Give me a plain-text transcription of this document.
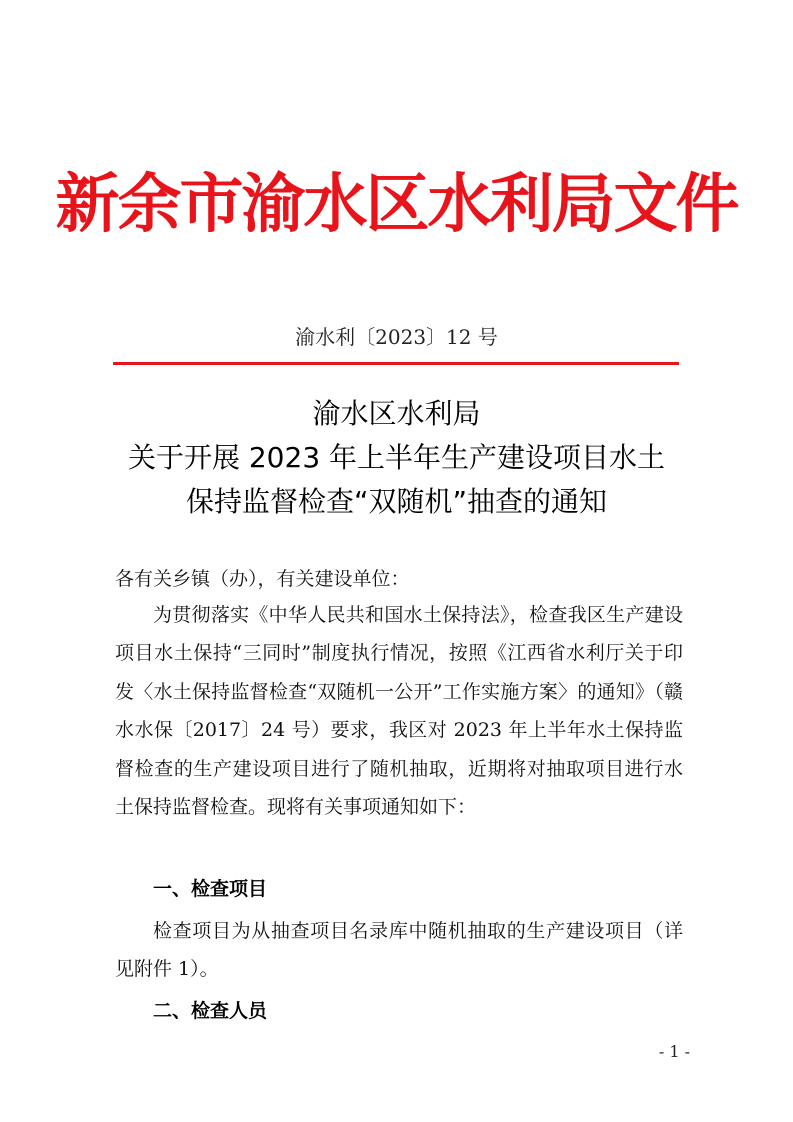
新余市渝水区水利局文件
渝水利〔2023〕12 号
渝水区水利局
关于开展 2023 年上半年生产建设项目水土
保持监督检查“双随机”抽查的通知
各有关乡镇（办），有关建设单位：
为贯彻落实《中华人民共和国水土保持法》，检查我区生产建设项目水土保持“三同时”制度执行情况，按照《江西省水利厅关于印发〈水土保持监督检查“双随机一公开”工作实施方案〉的通知》（赣水水保〔2017〕24 号）要求，我区对 2023 年上半年水土保持监督检查的生产建设项目进行了随机抽取，近期将对抽取项目进行水土保持监督检查。现将有关事项通知如下：
一、检查项目
检查项目为从抽查项目名录库中随机抽取的生产建设项目（详见附件 1）。
二、检查人员
- 1 -
